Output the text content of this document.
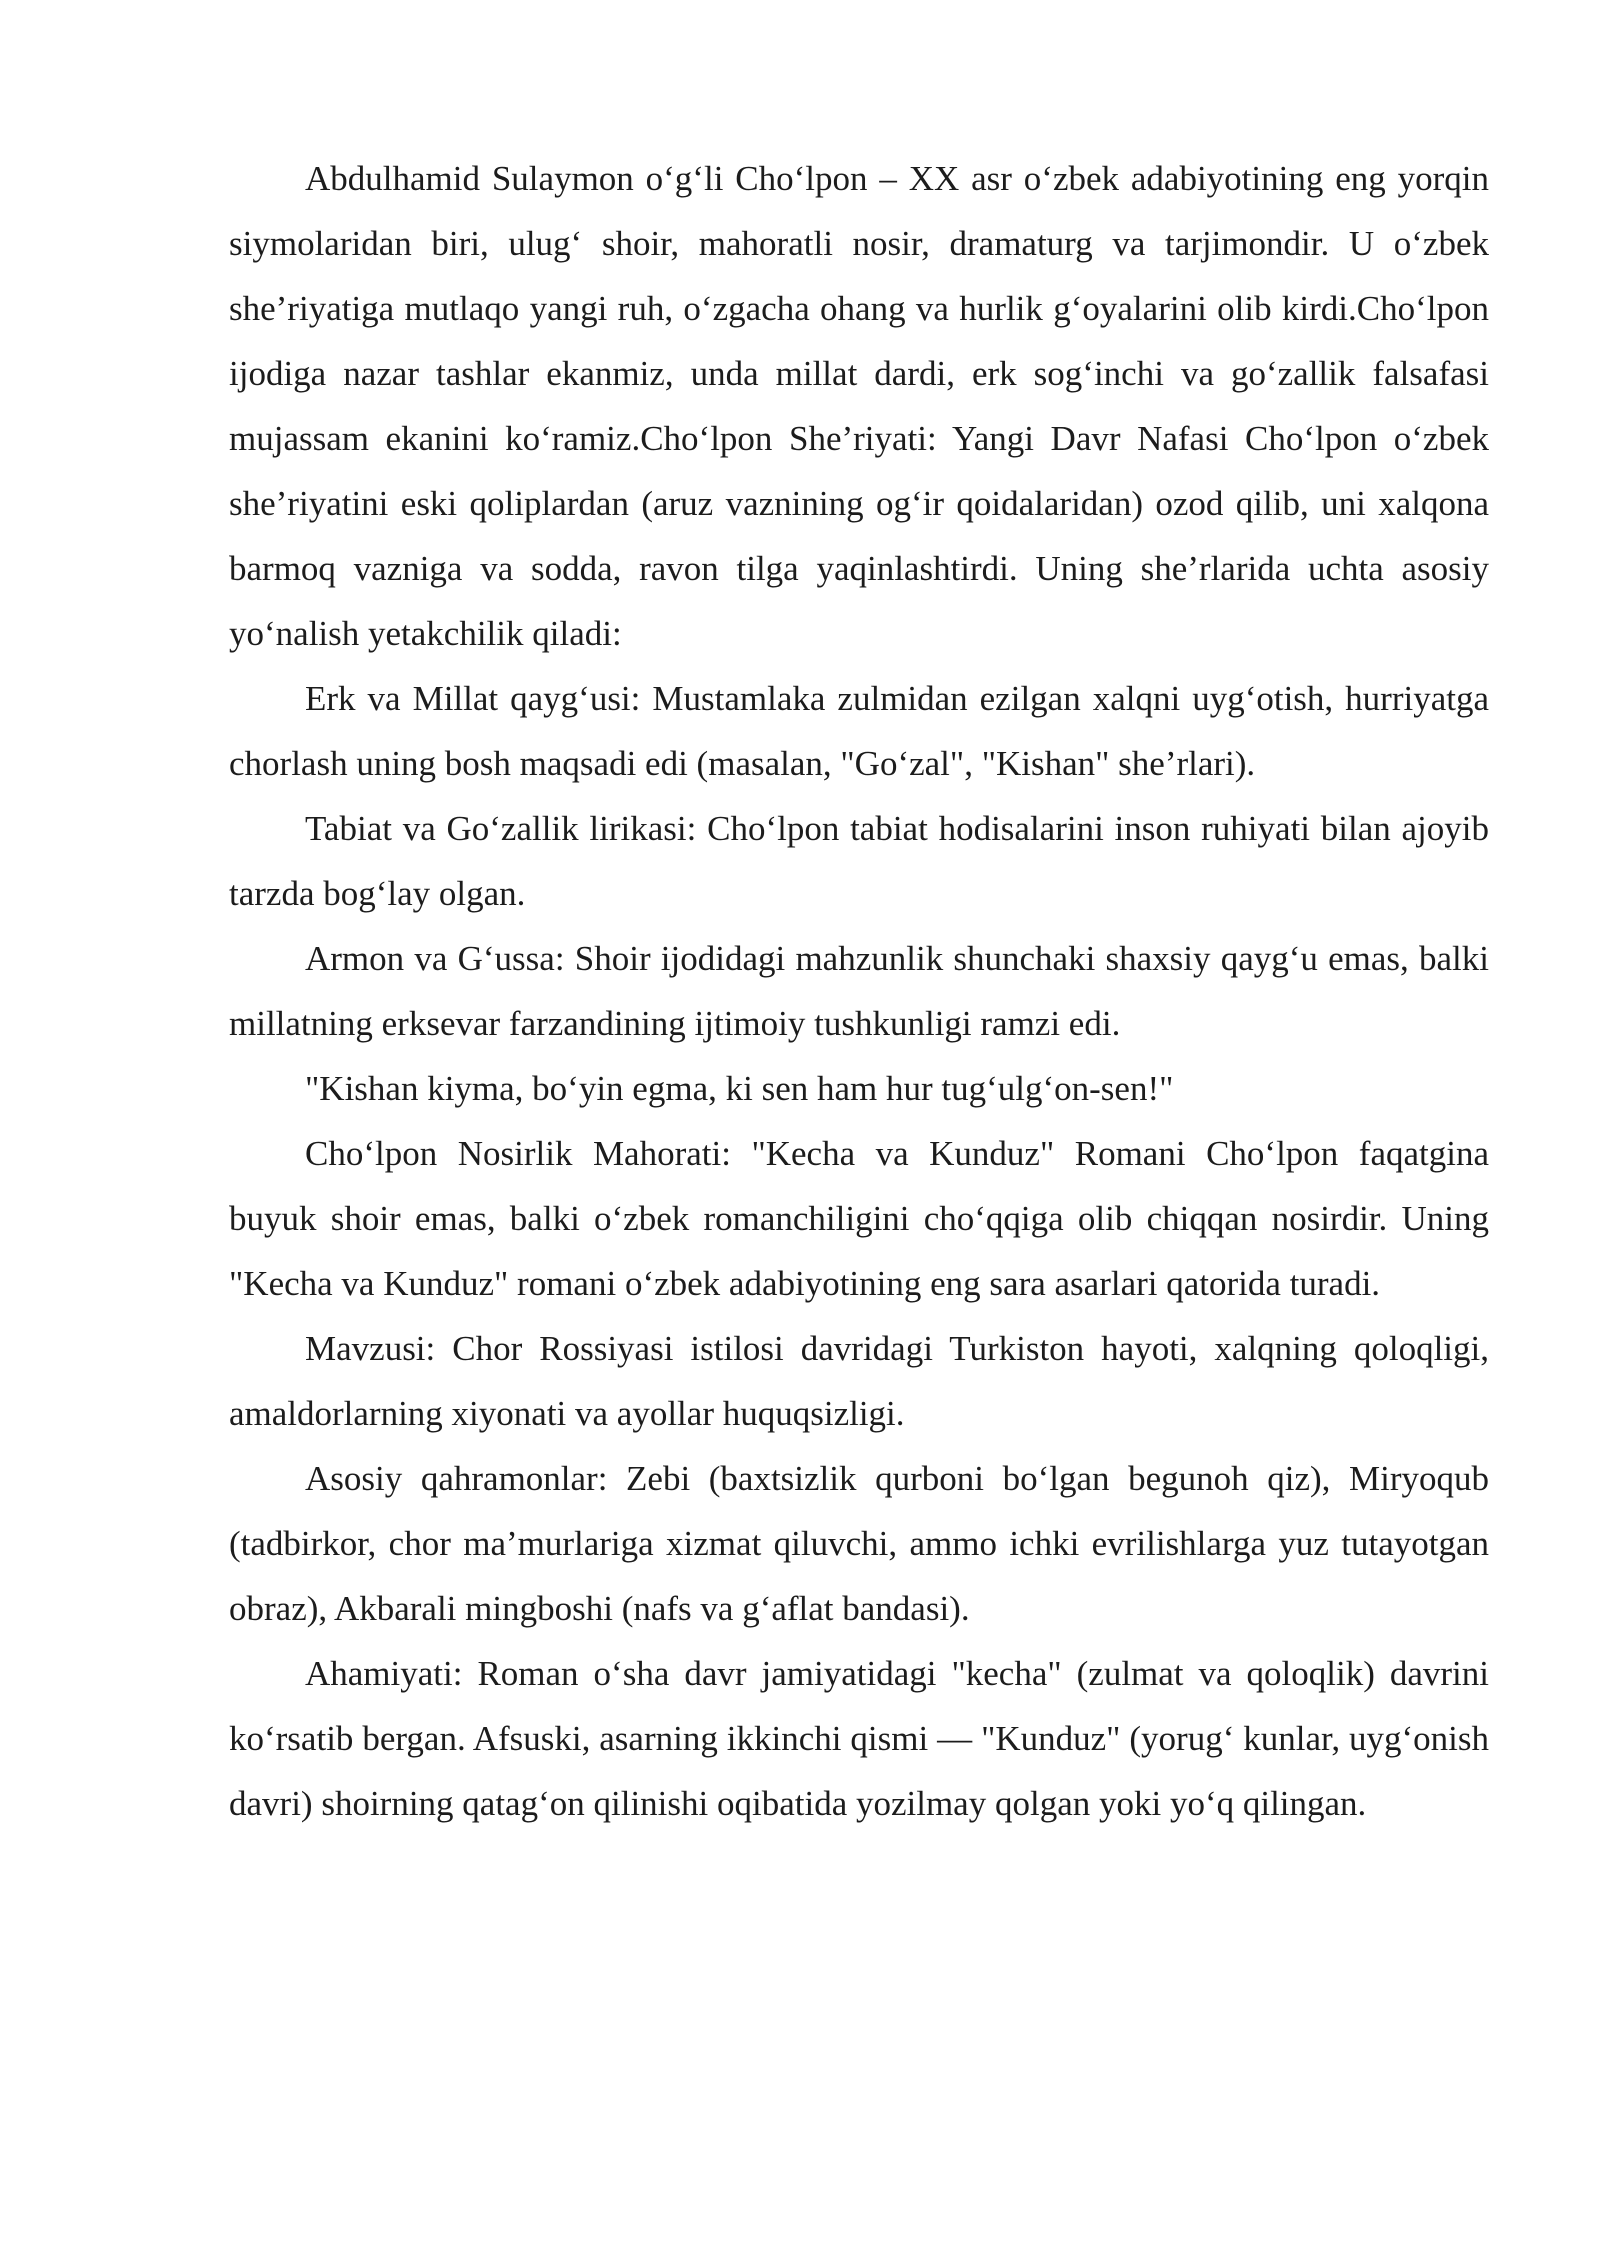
Abdulhamid Sulaymon o‘g‘li Cho‘lpon – XX asr o‘zbek adabiyotining eng yorqin siymolaridan biri, ulug‘ shoir, mahoratli nosir, dramaturg va tarjimondir. U o‘zbek she’riyatiga mutlaqo yangi ruh, o‘zgacha ohang va hurlik g‘oyalarini olib kirdi.Cho‘lpon ijodiga nazar tashlar ekanmiz, unda millat dardi, erk sog‘inchi va go‘zallik falsafasi mujassam ekanini ko‘ramiz.Cho‘lpon She’riyati: Yangi Davr Nafasi Cho‘lpon o‘zbek she’riyatini eski qoliplardan (aruz vaznining og‘ir qoidalaridan) ozod qilib, uni xalqona barmoq vazniga va sodda, ravon tilga yaqinlashtirdi. Uning she’rlarida uchta asosiy yo‘nalish yetakchilik qiladi:

Erk va Millat qayg‘usi: Mustamlaka zulmidan ezilgan xalqni uyg‘otish, hurriyatga chorlash uning bosh maqsadi edi (masalan, "Go‘zal", "Kishan" she’rlari).

Tabiat va Go‘zallik lirikasi: Cho‘lpon tabiat hodisalarini inson ruhiyati bilan ajoyib tarzda bog‘lay olgan.

Armon va G‘ussa: Shoir ijodidagi mahzunlik shunchaki shaxsiy qayg‘u emas, balki millatning erksevar farzandining ijtimoiy tushkunligi ramzi edi.

"Kishan kiyma, bo‘yin egma, ki sen ham hur tug‘ulg‘on-sen!"

Cho‘lpon Nosirlik Mahorati: "Kecha va Kunduz" Romani Cho‘lpon faqatgina buyuk shoir emas, balki o‘zbek romanchiligini cho‘qqiga olib chiqqan nosirdir. Uning "Kecha va Kunduz" romani o‘zbek adabiyotining eng sara asarlari qatorida turadi.

Mavzusi: Chor Rossiyasi istilosi davridagi Turkiston hayoti, xalqning qoloqligi, amaldorlarning xiyonati va ayollar huquqsizligi.

Asosiy qahramonlar: Zebi (baxtsizlik qurboni bo‘lgan begunoh qiz), Miryoqub (tadbirkor, chor ma’murlariga xizmat qiluvchi, ammo ichki evrilishlarga yuz tutayotgan obraz), Akbarali mingboshi (nafs va g‘aflat bandasi).

Ahamiyati: Roman o‘sha davr jamiyatidagi "kecha" (zulmat va qoloqlik) davrini ko‘rsatib bergan. Afsuski, asarning ikkinchi qismi — "Kunduz" (yorug‘ kunlar, uyg‘onish davri) shoirning qatag‘on qilinishi oqibatida yozilmay qolgan yoki yo‘q qilingan.
